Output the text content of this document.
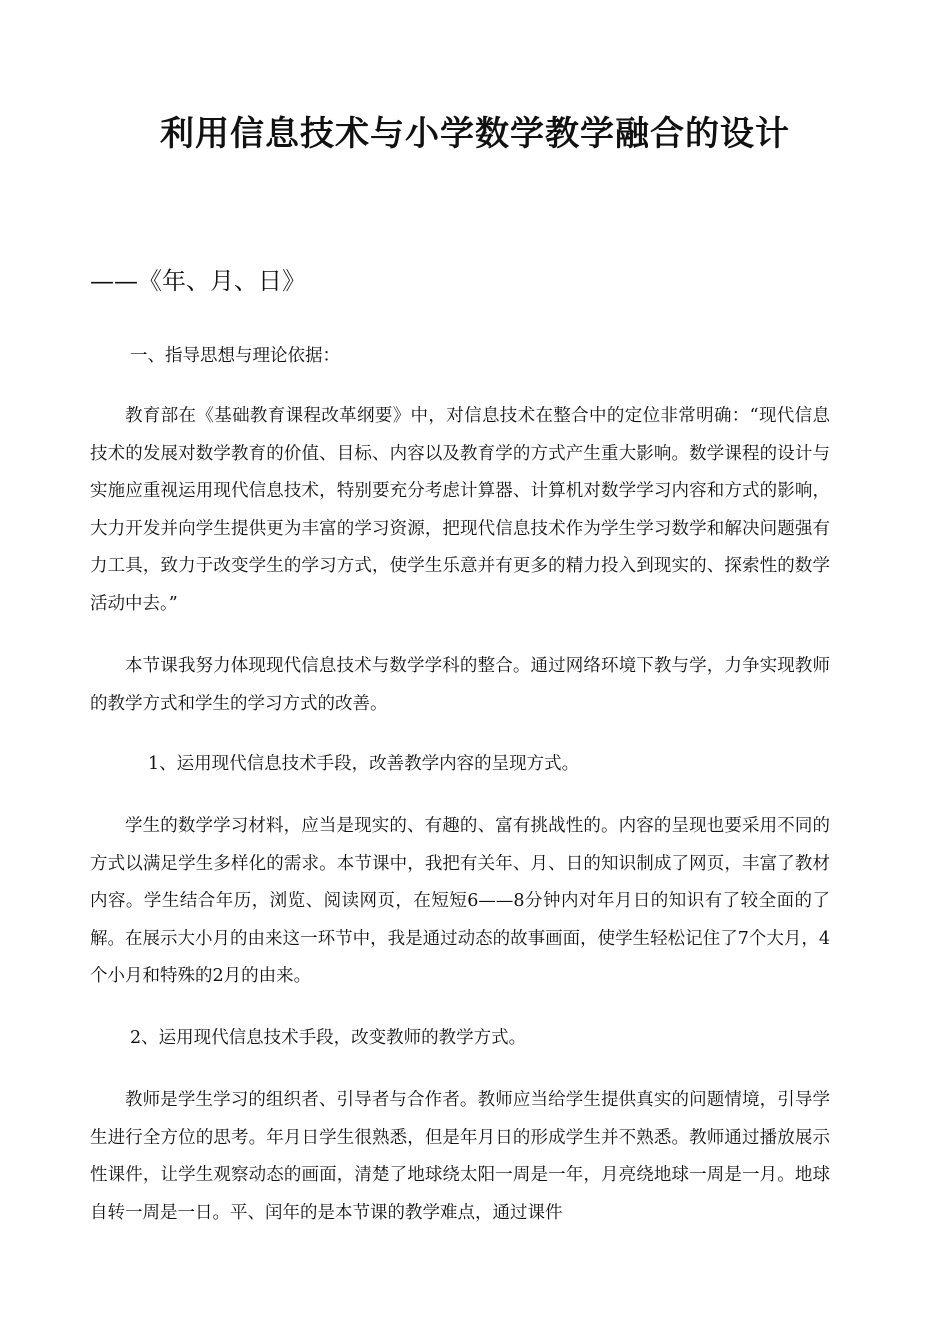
利用信息技术与小学数学教学融合的设计
——《年、月、日》
一、指导思想与理论依据：

教育部在《基础教育课程改革纲要》中，对信息技术在整合中的定位非常明确：“现代信息技术的发展对数学教育的价值、目标、内容以及教育学的方式产生重大影响。数学课程的设计与实施应重视运用现代信息技术，特别要充分考虑计算器、计算机对数学学习内容和方式的影响，大力开发并向学生提供更为丰富的学习资源，把现代信息技术作为学生学习数学和解决问题强有力工具，致力于改变学生的学习方式，使学生乐意并有更多的精力投入到现实的、探索性的数学活动中去。”

本节课我努力体现现代信息技术与数学学科的整合。通过网络环境下教与学，力争实现教师的教学方式和学生的学习方式的改善。

1、运用现代信息技术手段，改善教学内容的呈现方式。

学生的数学学习材料，应当是现实的、有趣的、富有挑战性的。内容的呈现也要采用不同的方式以满足学生多样化的需求。本节课中，我把有关年、月、日的知识制成了网页，丰富了教材内容。学生结合年历，浏览、阅读网页，在短短6——8分钟内对年月日的知识有了较全面的了解。在展示大小月的由来这一环节中，我是通过动态的故事画面，使学生轻松记住了7个大月，4个小月和特殊的2月的由来。

2、运用现代信息技术手段，改变教师的教学方式。

教师是学生学习的组织者、引导者与合作者。教师应当给学生提供真实的问题情境，引导学生进行全方位的思考。年月日学生很熟悉，但是年月日的形成学生并不熟悉。教师通过播放展示性课件，让学生观察动态的画面，清楚了地球绕太阳一周是一年，月亮绕地球一周是一月。地球自转一周是一日。平、闰年的是本节课的教学难点，通过课件
